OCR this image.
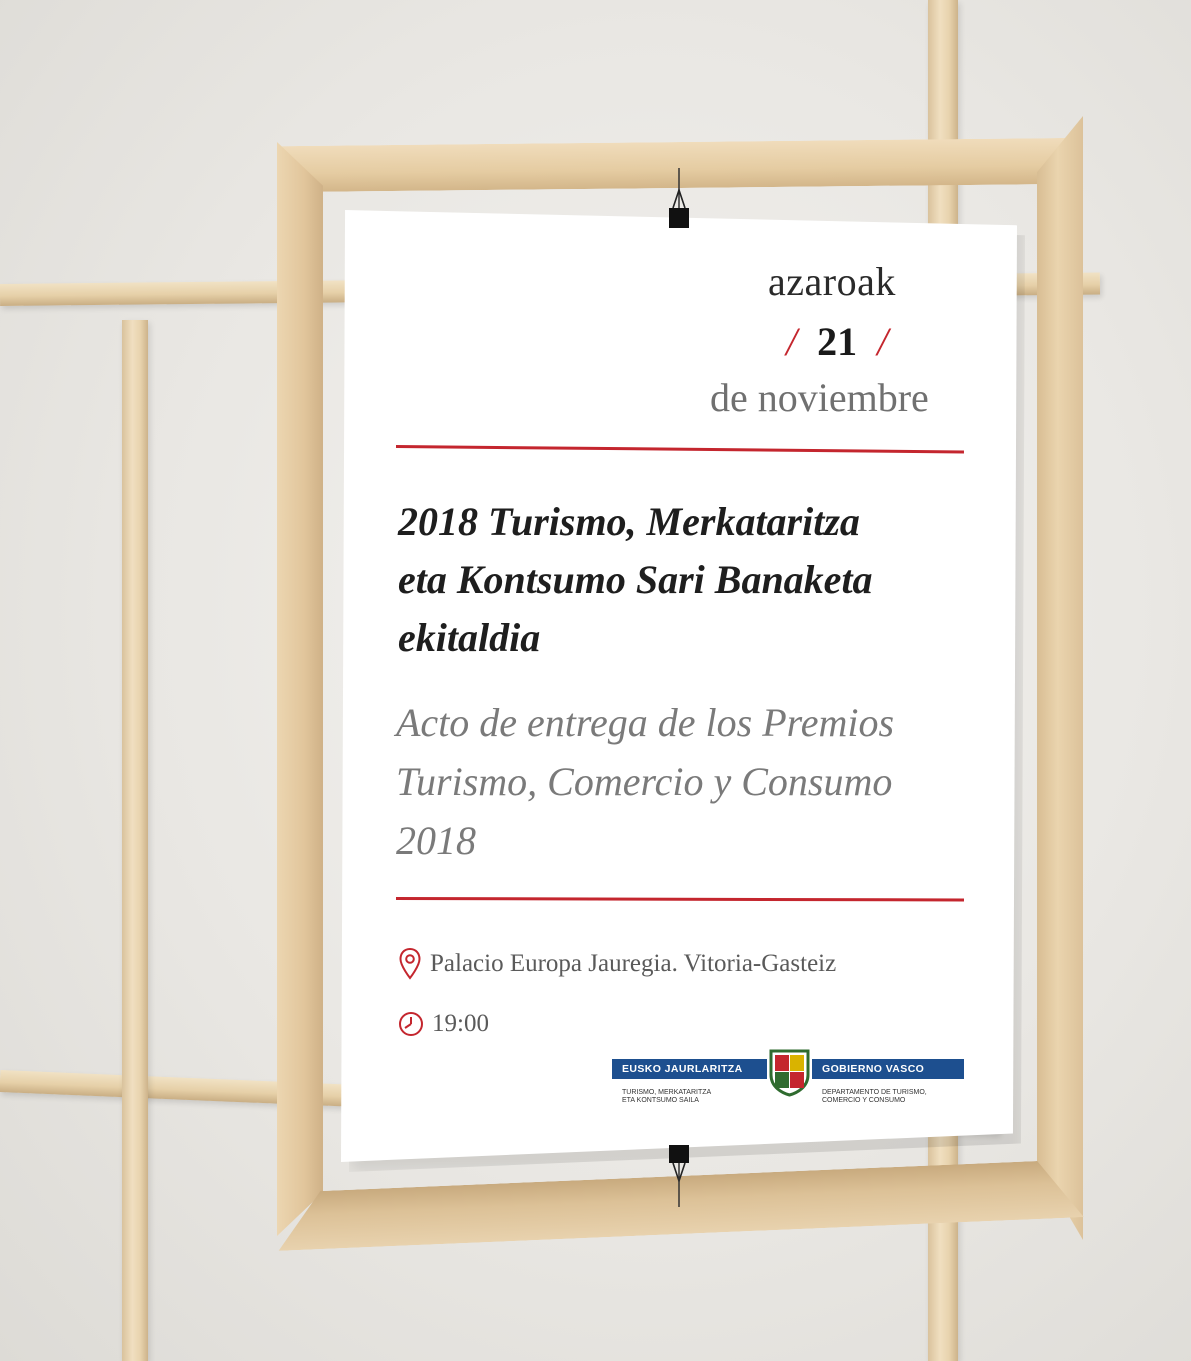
azaroak
/ 21 /
de noviembre
2018 Turismo, Merkataritza
eta Kontsumo Sari Banaketa
ekitaldia
Acto de entrega de los Premios
Turismo, Comercio y Consumo
2018
Palacio Europa Jauregia. Vitoria-Gasteiz
19:00
EUSKO JAURLARITZA	GOBIERNO VASCO
TURISMO, MERKATARITZA
ETA KONTSUMO SAILA
DEPARTAMENTO DE TURISMO,
COMERCIO Y CONSUMO
